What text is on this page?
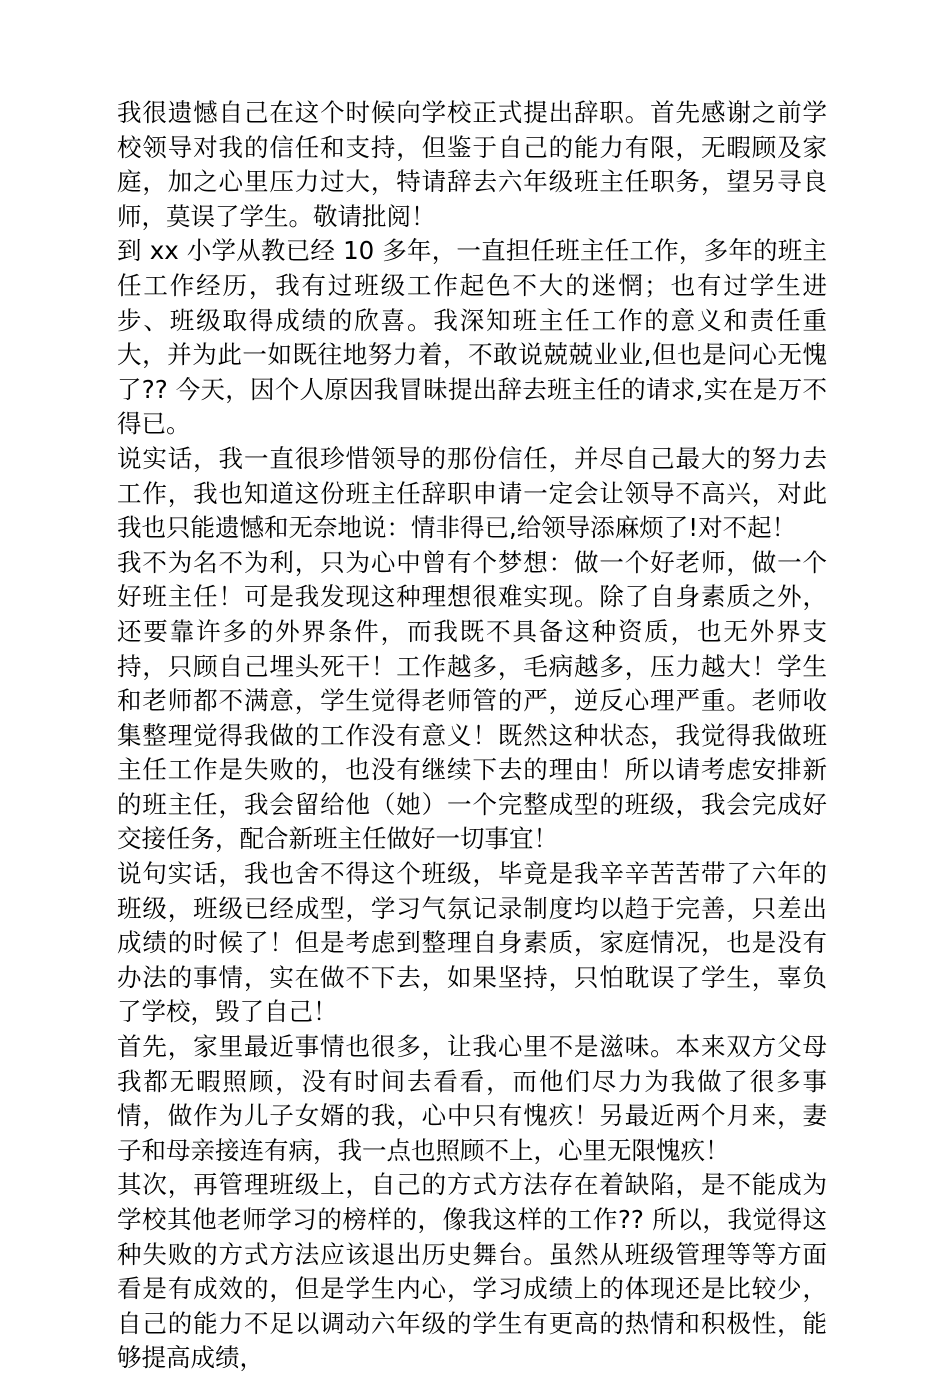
我很遗憾自己在这个时候向学校正式提出辞职。首先感谢之前学校领导对我的信任和支持，但鉴于自己的能力有限，无暇顾及家庭，加之心里压力过大，特请辞去六年级班主任职务，望另寻良师，莫误了学生。敬请批阅！

到 xx 小学从教已经 10 多年，一直担任班主任工作，多年的班主任工作经历，我有过班级工作起色不大的迷惘；也有过学生进步、班级取得成绩的欣喜。我深知班主任工作的意义和责任重大，并为此一如既往地努力着，不敢说兢兢业业,但也是问心无愧了?? 今天，因个人原因我冒昧提出辞去班主任的请求,实在是万不得已。

说实话，我一直很珍惜领导的那份信任，并尽自己最大的努力去工作，我也知道这份班主任辞职申请一定会让领导不高兴，对此我也只能遗憾和无奈地说：情非得已,给领导添麻烦了!对不起！

我不为名不为利，只为心中曾有个梦想：做一个好老师，做一个好班主任！可是我发现这种理想很难实现。除了自身素质之外，还要靠许多的外界条件，而我既不具备这种资质，也无外界支持，只顾自己埋头死干！工作越多，毛病越多，压力越大！学生和老师都不满意，学生觉得老师管的严，逆反心理严重。老师收集整理觉得我做的工作没有意义！既然这种状态，我觉得我做班主任工作是失败的，也没有继续下去的理由！所以请考虑安排新的班主任，我会留给他（她）一个完整成型的班级，我会完成好交接任务，配合新班主任做好一切事宜！

说句实话，我也舍不得这个班级，毕竟是我辛辛苦苦带了六年的班级，班级已经成型，学习气氛记录制度均以趋于完善，只差出成绩的时候了！但是考虑到整理自身素质，家庭情况，也是没有办法的事情，实在做不下去，如果坚持，只怕耽误了学生，辜负了学校，毁了自己！

首先，家里最近事情也很多，让我心里不是滋味。本来双方父母我都无暇照顾，没有时间去看看，而他们尽力为我做了很多事情，做作为儿子女婿的我，心中只有愧疚！另最近两个月来，妻子和母亲接连有病，我一点也照顾不上，心里无限愧疚！

其次，再管理班级上，自己的方式方法存在着缺陷，是不能成为学校其他老师学习的榜样的，像我这样的工作?? 所以，我觉得这种失败的方式方法应该退出历史舞台。虽然从班级管理等等方面看是有成效的，但是学生内心，学习成绩上的体现还是比较少，自己的能力不足以调动六年级的学生有更高的热情和积极性，能够提高成绩，
